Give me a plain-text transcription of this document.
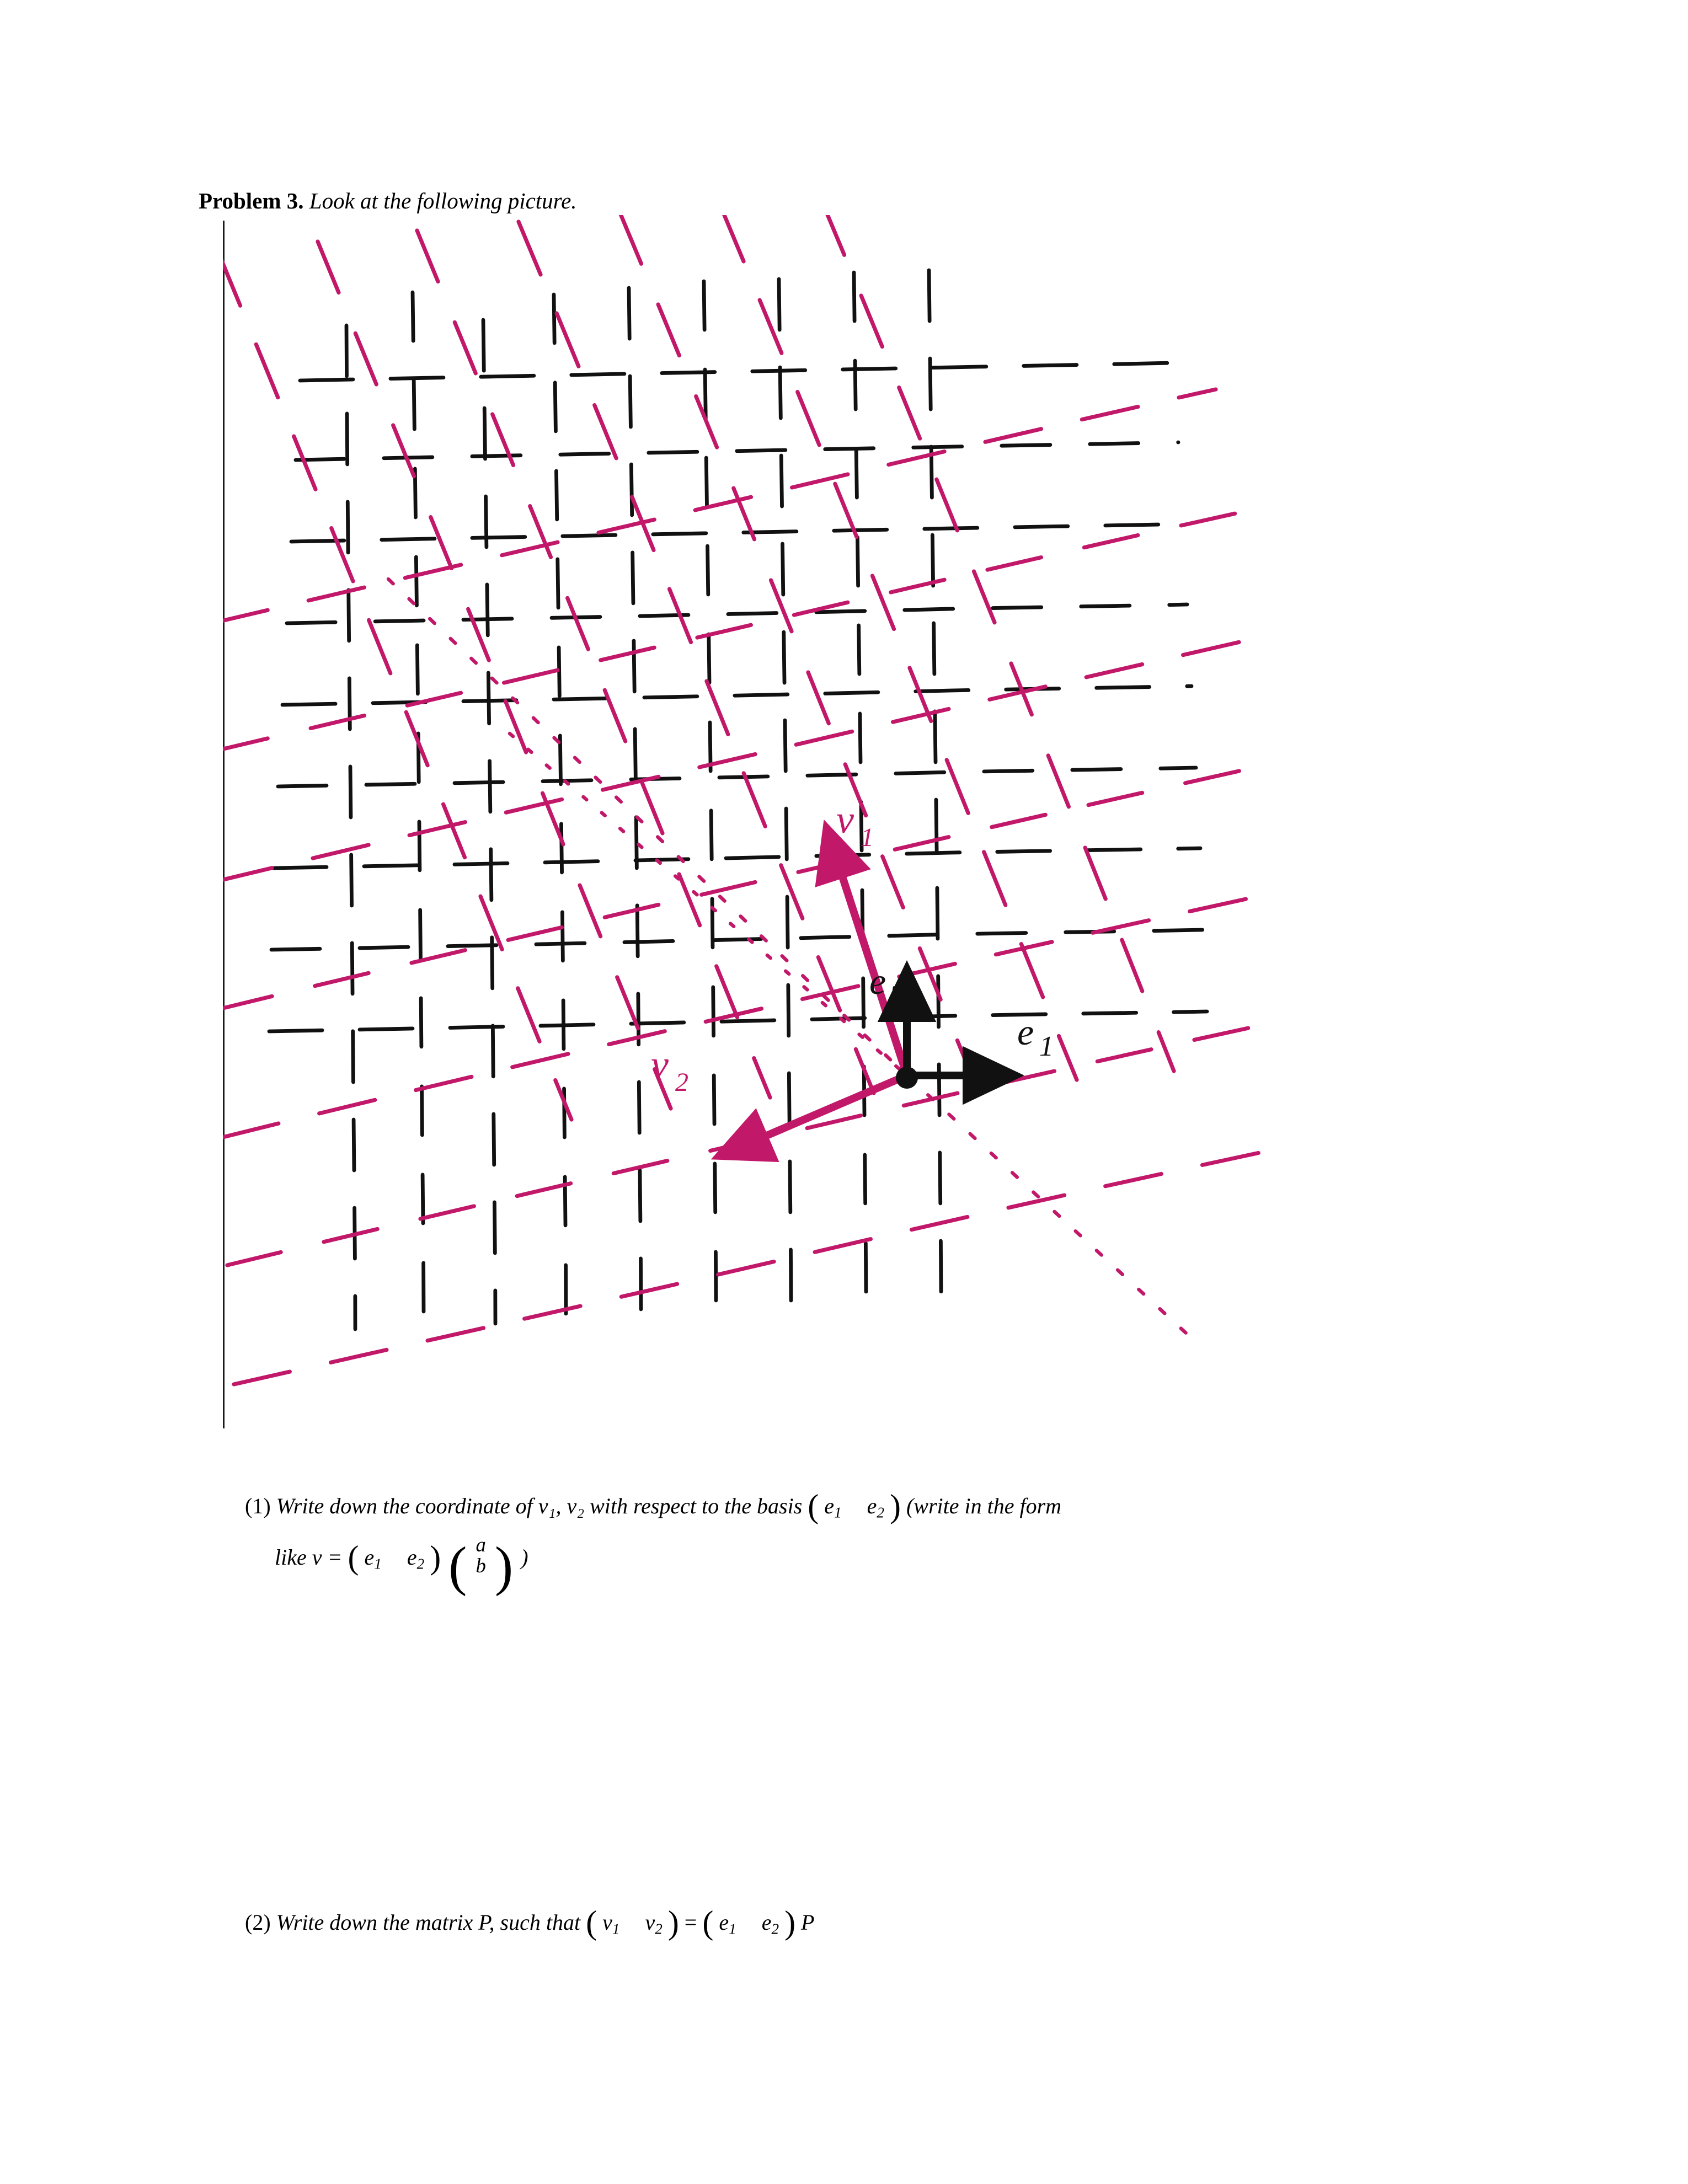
Problem 3. Look at the following picture.
v 1
v 2
e 1
e 2
(1) Write down the coordinate of v₁, v₂ with respect to the basis ( $e_1$ $e_2$ ) (write in the form
like v = ( $e_1$ $e_2$ ) ( a
b ) )
(2) Write down the matrix P, such that ( $v_1$ $v_2$ ) = ( $e_1$ $e_2$ ) P
